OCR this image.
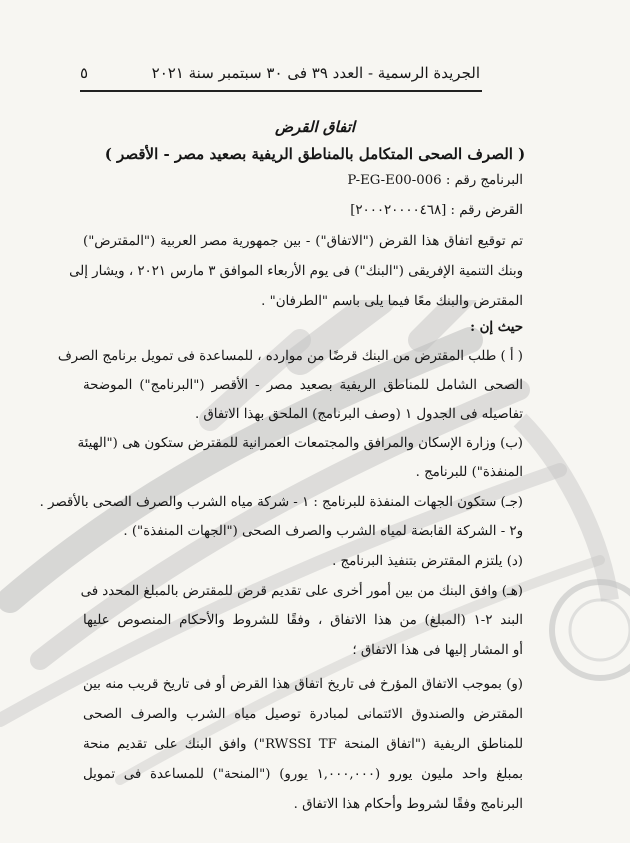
الجريدة الرسمية - العدد ٣٩ فى ٣٠ سبتمبر سنة ٢٠٢١
٥
اتفاق القرض
( الصرف الصحى المتكامل بالمناطق الريفية بصعيد مصر - الأقصر )
البرنامج رقم : P-EG-E00-006
القرض رقم : [٢٠٠٠٢٠٠٠٠٤٦٨]
تم توقيع اتفاق هذا القرض ("الاتفاق") - بين جمهورية مصر العربية ("المقترض")
وبنك التنمية الإفريقى ("البنك") فى يوم الأربعاء الموافق ٣ مارس ٢٠٢١ ، ويشار إلى
المقترض والبنك معًا فيما يلى باسم "الطرفان" .
حيث إن :
( أ ) طلب المقترض من البنك قرضًا من موارده ، للمساعدة فى تمويل برنامج الصرف
الصحى الشامل للمناطق الريفية بصعيد مصر - الأقصر ("البرنامج") الموضحة
تفاصيله فى الجدول ١ (وصف البرنامج) الملحق بهذا الاتفاق .
(ب) وزارة الإسكان والمرافق والمجتمعات العمرانية للمقترض ستكون هى ("الهيئة
المنفذة") للبرنامج .
(جـ) ستكون الجهات المنفذة للبرنامج : ١ - شركة مياه الشرب والصرف الصحى بالأقصر .
و٢ - الشركة القابضة لمياه الشرب والصرف الصحى ("الجهات المنفذة") .
(د) يلتزم المقترض بتنفيذ البرنامج .
(هـ) وافق البنك من بين أمور أخرى على تقديم قرض للمقترض بالمبلغ المحدد فى
البند ٢-١ (المبلغ) من هذا الاتفاق ، وفقًا للشروط والأحكام المنصوص عليها
أو المشار إليها فى هذا الاتفاق ؛
(و) بموجب الاتفاق المؤرخ فى تاريخ اتفاق هذا القرض أو فى تاريخ قريب منه بين
المقترض والصندوق الائتمانى لمبادرة توصيل مياه الشرب والصرف الصحى
للمناطق الريفية ("اتفاق المنحة RWSSI TF") وافق البنك على تقديم منحة
بمبلغ واحد مليون يورو (١,٠٠٠,٠٠٠ يورو) ("المنحة") للمساعدة فى تمويل
البرنامج وفقًا لشروط وأحكام هذا الاتفاق .
